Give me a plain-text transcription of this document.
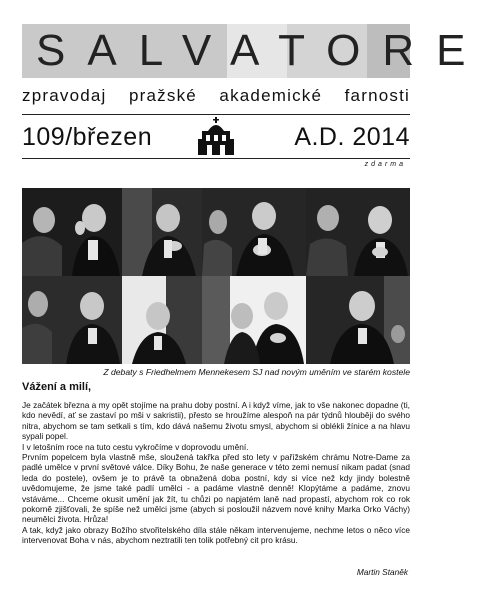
SALVATORE
zpravodaj pražské akademické farnosti
109/březen	A.D. 2014
zdarma
Z debaty s Friedhelmem Mennekesem SJ nad novým uměním ve starém kostele
Vážení a milí,

Je začátek března a my opět stojíme na prahu doby postní. A i když víme, jak to vše nakonec dopadne (ti, kdo nevědí, ať se zastaví po mši v sakristii), přesto se hroužíme alespoň na pár týdnů hlouběji do svého nitra, abychom se tam setkali s tím, kdo dává našemu životu smysl, abychom si oblékli žínice a na hlavu sypali popel.

I v letošním roce na tuto cestu vykročíme v doprovodu umění.

Prvním popelcem byla vlastně mše, sloužená takřka před sto lety v pařížském chrámu Notre-Dame za padlé umělce v první světové válce. Díky Bohu, že naše generace v této zemi nemusí nikam padat (snad leda do postele), ovšem je to právě ta obnažená doba postní, kdy si více než kdy jindy bolestně uvědomujeme, že jsme také padlí umělci - a padáme vlastně denně! Klopýtáme a padáme, znovu vstáváme... Chceme okusit umění jak žít, tu chůzi po napjatém laně nad propastí, abychom rok co rok pokorně zjišťovali, že spíše než umělci jsme (abych si posloužil názvem nové knihy Marka Orko Váchy) neumělci života. Hrůza!

A tak, když jako obrazy Božího stvořitelského díla stále někam intervenujeme, nechme letos o něco více intervenovat Boha v nás, abychom neztratili ten tolik potřebný cit pro krásu.

Martin Staněk
